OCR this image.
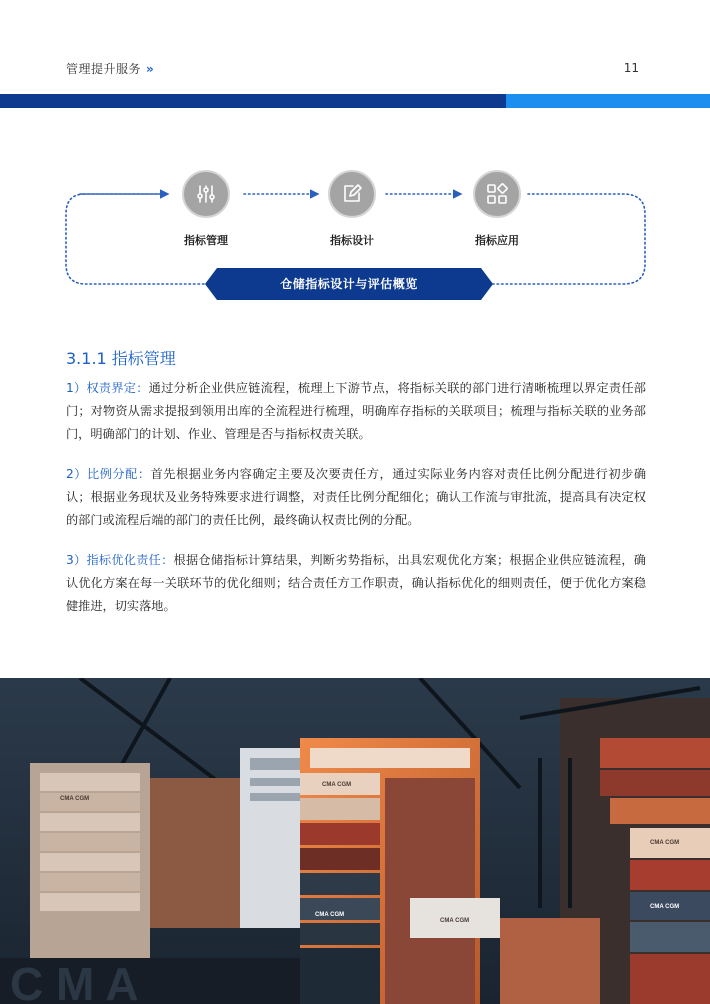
管理提升服务 »	11
指标管理	指标设计	指标应用
仓储指标设计与评估概览
3.1.1 指标管理
1）权责界定：通过分析企业供应链流程，梳理上下游节点，将指标关联的部门进行清晰梳理以界定责任部门；对物资从需求提报到领用出库的全流程进行梳理，明确库存指标的关联项目；梳理与指标关联的业务部门，明确部门的计划、作业、管理是否与指标权责关联。
2）比例分配：首先根据业务内容确定主要及次要责任方，通过实际业务内容对责任比例分配进行初步确认；根据业务现状及业务特殊要求进行调整，对责任比例分配细化；确认工作流与审批流，提高具有决定权的部门或流程后端的部门的责任比例，最终确认权责比例的分配。
3）指标优化责任：根据仓储指标计算结果，判断劣势指标，出具宏观优化方案；根据企业供应链流程，确认优化方案在每一关联环节的优化细则；结合责任方工作职责，确认指标优化的细则责任，便于优化方案稳健推进，切实落地。
C M A
CMA CGM
CMA CGM
CMA CGM
CMA CGM
CMA CGM
CMA CGM
